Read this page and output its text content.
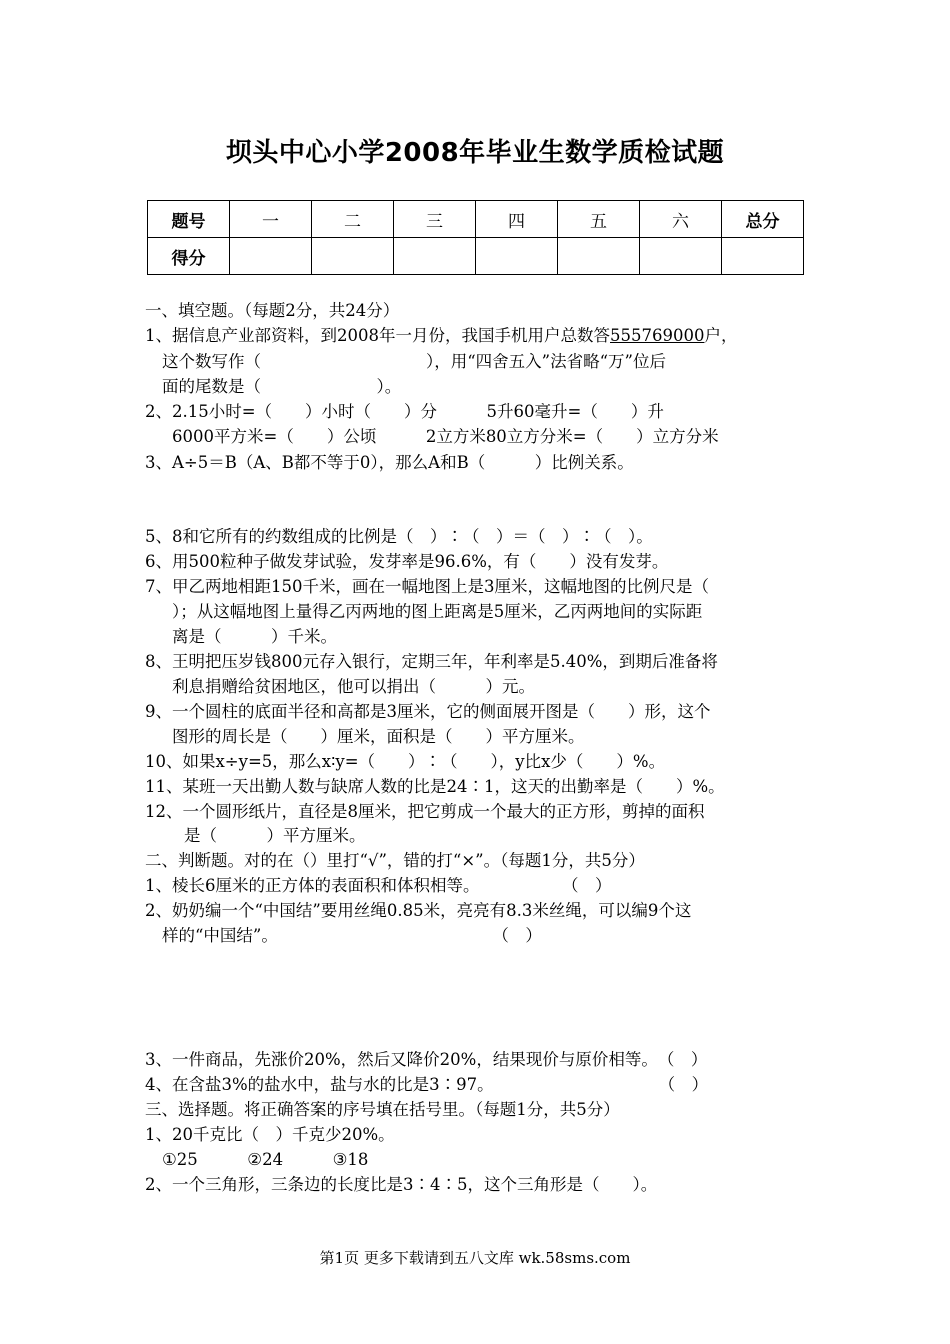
坝头中心小学2008年毕业生数学质检试题
题号	一	二	三	四	五	六	总分
得分							
一、填空题。（每题2分，共24分）
1、据信息产业部资料，到2008年一月份，我国手机用户总数答555769000户，
这个数写作（　　　　　　　　　　），用“四舍五入”法省略“万”位后
面的尾数是（　　　　　　　）。
2、2.15小时=（　　）小时（　　）分　　　5升60毫升=（　　）升
6000平方米=（　　）公顷　　　2立方米80立方分米=（　　）立方分米
3、A÷5＝B（A、B都不等于0），那么A和B（　　　）比例关系。
5、8和它所有的约数组成的比例是（　）∶（　）＝（　）∶（　）。
6、用500粒种子做发芽试验，发芽率是96.6%，有（　　）没有发芽。
7、甲乙两地相距150千米，画在一幅地图上是3厘米，这幅地图的比例尺是（
）；从这幅地图上量得乙丙两地的图上距离是5厘米，乙丙两地间的实际距
离是（　　　）千米。
8、王明把压岁钱800元存入银行，定期三年，年利率是5.40%，到期后准备将
利息捐赠给贫困地区，他可以捐出（　　　）元。
9、一个圆柱的底面半径和高都是3厘米，它的侧面展开图是（　　）形，这个
图形的周长是（　　）厘米，面积是（　　）平方厘米。
10、如果x÷y=5，那么x∶y=（　　）∶（　　），y比x少（　　）%。
11、某班一天出勤人数与缺席人数的比是24∶1，这天的出勤率是（　　）%。
12、一个圆形纸片，直径是8厘米，把它剪成一个最大的正方形，剪掉的面积
是（　　　）平方厘米。
二、判断题。对的在（）里打“√”，错的打“×”。（每题1分，共5分）
1、棱长6厘米的正方体的表面积和体积相等。　　　　　　（　）
2、奶奶编一个“中国结”要用丝绳0.85米，亮亮有8.3米丝绳，可以编9个这
样的“中国结”。　　　　　　　　　　　　　　（　）
3、一件商品，先涨价20%，然后又降价20%，结果现价与原价相等。　（　）
4、在含盐3%的盐水中，盐与水的比是3∶97。　　　　　　　　　　　（　）
三、选择题。将正确答案的序号填在括号里。（每题1分，共5分）
1、20千克比（　）千克少20%。
①25　　　②24　　　③18
2、一个三角形，三条边的长度比是3∶4∶5，这个三角形是（　　）。
第1页 更多下载请到五八文库 wk.58sms.com
